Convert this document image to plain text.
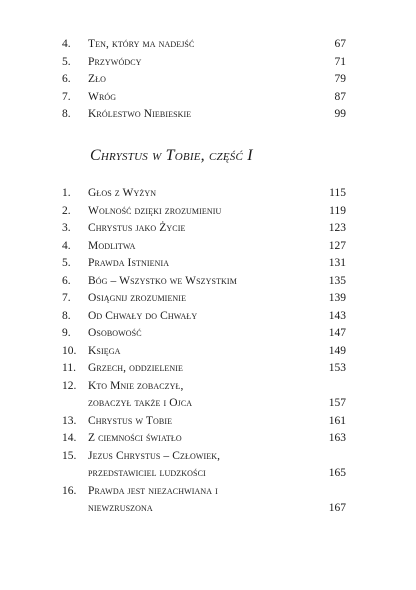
4. Ten, który ma nadejść	67
5. Przywódcy	71
6. Zło	79
7. Wróg	87
8. Królestwo Niebieskie	99
Chrystus w Tobie, część I
1. Głos z Wyżyn	115
2. Wolność dzięki zrozumieniu	119
3. Chrystus jako Życie	123
4. Modlitwa	127
5. Prawda Istnienia	131
6. Bóg – Wszystko we Wszystkim	135
7. Osiągnij zrozumienie	139
8. Od Chwały do Chwały	143
9. Osobowość	147
10. Księga	149
11. Grzech, oddzielenie	153
12. Kto Mnie zobaczył,
zobaczył także i Ojca	157
13. Chrystus w Tobie	161
14. Z ciemności światło	163
15. Jezus Chrystus – Człowiek,
przedstawiciel ludzkości	165
16. Prawda jest niezachwiana i
niewzruszona	167
